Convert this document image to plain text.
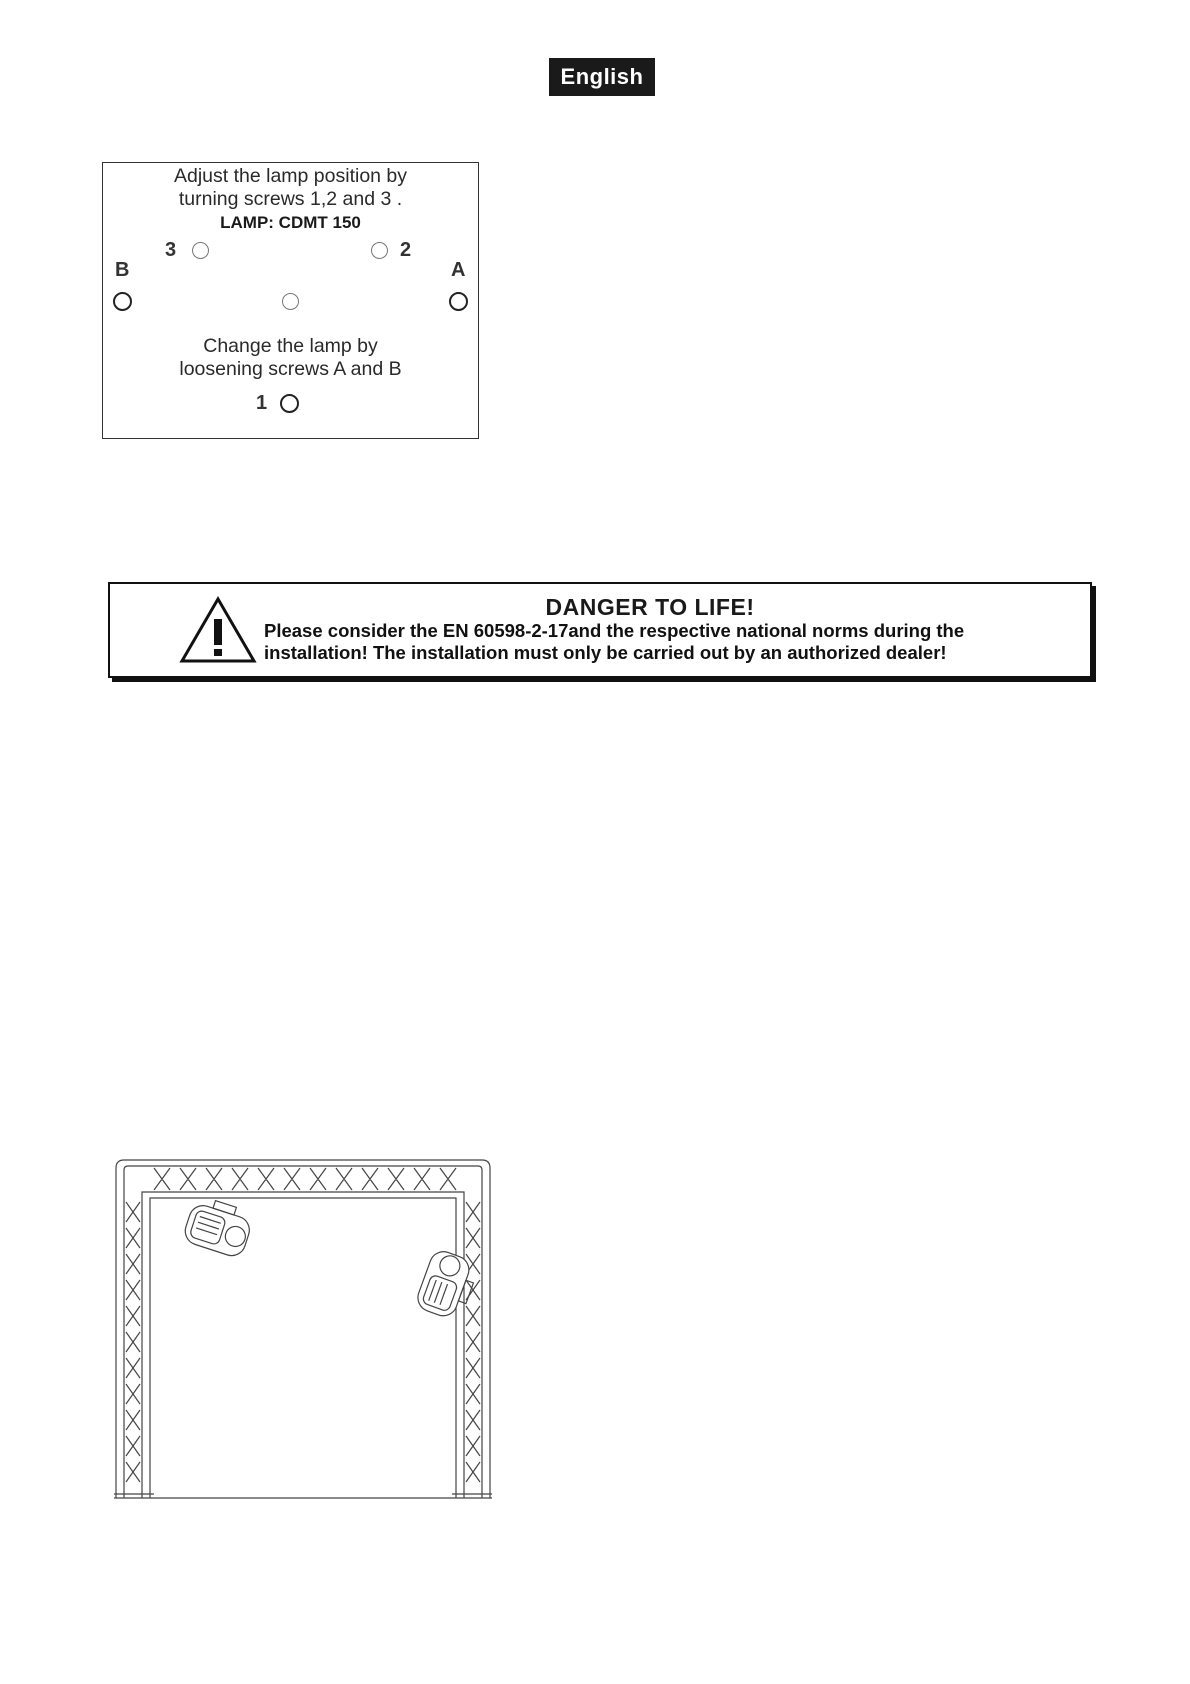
English
Adjust the lamp position by
turning screws 1,2 and 3 .
LAMP: CDMT 150
3	2
B	A
Change the lamp by
loosening screws A and B
1
DANGER TO LIFE!
Please consider the EN 60598-2-17and the respective national norms during the
installation! The installation must only be carried out by an authorized dealer!
